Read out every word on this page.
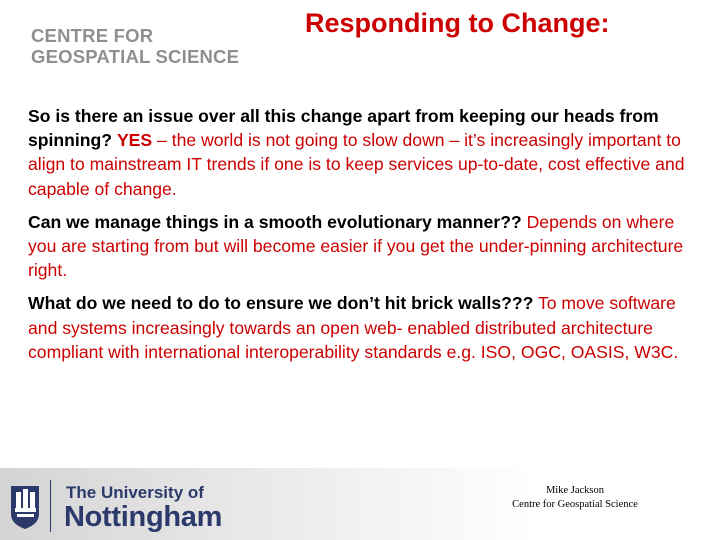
CENTRE FOR
GEOSPATIAL SCIENCE
Responding to Change:

So is there an issue over all this change apart from keeping our heads from spinning? YES – the world is not going to slow down – it’s increasingly important to align to mainstream IT trends if one is to keep services up-to-date, cost effective and capable of change.

Can we manage things in a smooth evolutionary manner?? Depends on where you are starting from but will become easier if you get the under-pinning architecture right.

What do we need to do to ensure we don’t hit brick walls??? To move software and systems increasingly towards an open web- enabled distributed architecture compliant with international interoperability standards e.g. ISO, OGC, OASIS, W3C.

The University of
Nottingham
Mike Jackson
Centre for Geospatial Science
